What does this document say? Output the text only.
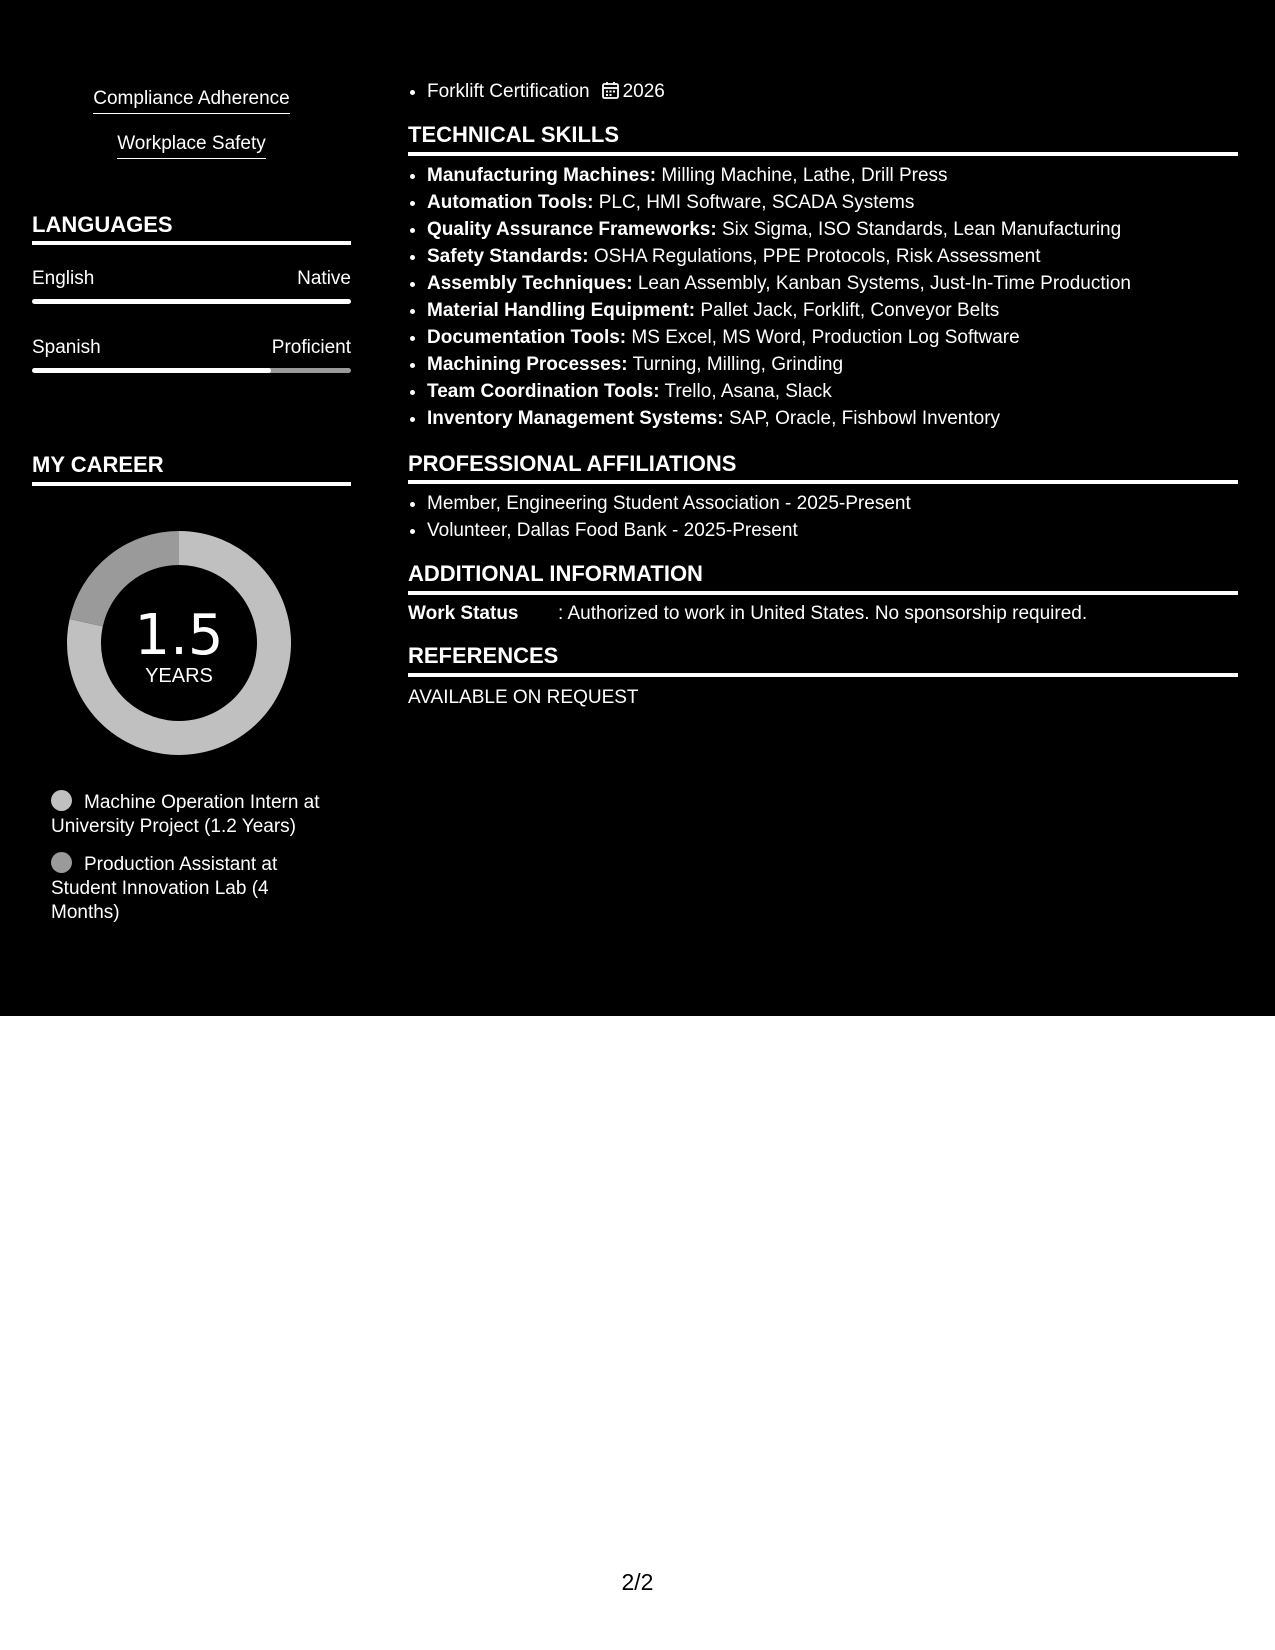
Compliance Adherence
Workplace Safety
LANGUAGES
English	Native
Spanish	Proficient
MY CAREER
1.5
YEARS
Machine Operation Intern at University Project (1.2 Years)
Production Assistant at Student Innovation Lab (4 Months)
• Forklift Certification 2026
TECHNICAL SKILLS
• Manufacturing Machines: Milling Machine, Lathe, Drill Press
• Automation Tools: PLC, HMI Software, SCADA Systems
• Quality Assurance Frameworks: Six Sigma, ISO Standards, Lean Manufacturing
• Safety Standards: OSHA Regulations, PPE Protocols, Risk Assessment
• Assembly Techniques: Lean Assembly, Kanban Systems, Just-In-Time Production
• Material Handling Equipment: Pallet Jack, Forklift, Conveyor Belts
• Documentation Tools: MS Excel, MS Word, Production Log Software
• Machining Processes: Turning, Milling, Grinding
• Team Coordination Tools: Trello, Asana, Slack
• Inventory Management Systems: SAP, Oracle, Fishbowl Inventory
PROFESSIONAL AFFILIATIONS
• Member, Engineering Student Association - 2025-Present
• Volunteer, Dallas Food Bank - 2025-Present
ADDITIONAL INFORMATION
Work Status : Authorized to work in United States. No sponsorship required.
REFERENCES
AVAILABLE ON REQUEST
2/2
